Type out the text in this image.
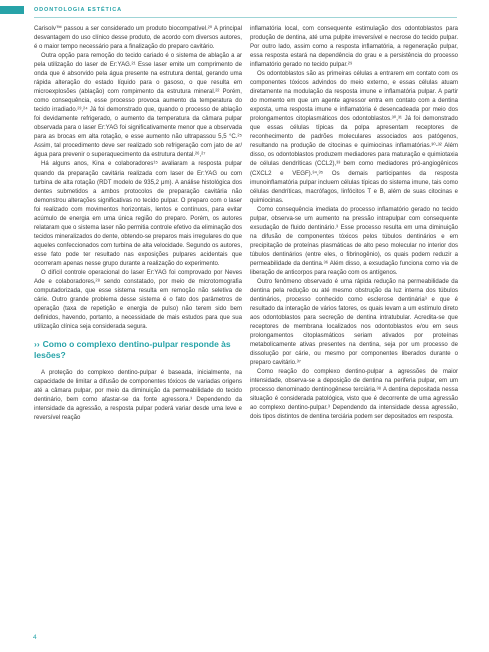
ODONTOLOGIA ESTÉTICA

Carisolv™ passou a ser considerado um produto biocompatível.²⁰ A principal desvantagem do uso clínico desse produto, de acordo com diversos autores, é o maior tempo necessário para a finalização do preparo cavitário.

Outra opção para remoção do tecido cariado é o sistema de ablação a ar pela utilização do laser de Er:YAG.²¹ Esse laser emite um comprimento de onda que é absorvido pela água presente na estrutura dental, gerando uma rápida alteração do estado líquido para o gasoso, o que resulta em microexplosões (ablação) com rompimento da estrutura mineral.²² Porém, como consequência, esse processo provoca aumento da temperatura do tecido irradiado.²³,²⁴ Já foi demonstrado que, quando o processo de ablação foi devidamente refrigerado, o aumento da temperatura da câmara pulpar observada para o laser Er:YAG foi significativamente menor que a observada para as brocas em alta rotação, e esse aumento não ultrapassou 5,5 °C.²⁵ Assim, tal procedimento deve ser realizado sob refrigeração com jato de ar/água para prevenir o superaquecimento da estrutura dental.²⁶,²⁷

Há alguns anos, Kina e colaboradores¹⁵ avaliaram a resposta pulpar quando da preparação cavitária realizada com laser de Er:YAG ou com turbina de alta rotação (RDT modelo de 935,2 μm). A análise histológica dos dentes submetidos a ambos protocolos de preparação cavitária não demonstrou alterações significativas no tecido pulpar. O preparo com o laser foi realizado com movimentos horizontais, lentos e contínuos, para evitar acúmulo de energia em uma única região do preparo. Porém, os autores relataram que o sistema laser não permitia controle efetivo da eliminação dos tecidos mineralizados do dente, obtendo-se preparos mais irregulares do que aqueles confeccionados com turbina de alta velocidade. Segundo os autores, esse fato pode ter resultado nas exposições pulpares acidentais que ocorreram apenas nesse grupo durante a realização do experimento.

O difícil controle operacional do laser Er:YAG foi comprovado por Neves Ade e colaboradores,²⁸ sendo constatado, por meio de microtomografia computadorizada, que esse sistema resulta em remoção não seletiva de cárie. Outro grande problema desse sistema é o fato dos parâmetros de operação (taxa de repetição e energia de pulso) não terem sido bem definidos, havendo, portanto, a necessidade de mais estudos para que sua utilização clínica seja considerada segura.

›› Como o complexo dentino-pulpar responde às lesões?

A proteção do complexo dentino-pulpar é baseada, inicialmente, na capacidade de limitar a difusão de componentes tóxicos de variadas origens até a câmara pulpar, por meio da diminuição da permeabilidade do tecido dentinário, bem como afastar-se da fonte agressora.³ Dependendo da intensidade da agressão, a resposta pulpar poderá variar desde uma leve e reversível reação

inflamatória local, com consequente estimulação dos odontoblastos para produção de dentina, até uma pulpite irreversível e necrose do tecido pulpar. Por outro lado, assim como a resposta inflamatória, a regeneração pulpar, essa resposta estará na dependência do grau e a persistência do processo inflamatório gerado no tecido pulpar.²⁹

Os odontoblastos são as primeiras células a entrarem em contato com os componentes tóxicos advindos do meio externo, e essas células atuam diretamente na modulação da resposta imune e inflamatória pulpar. A partir do momento em que um agente agressor entra em contato com a dentina exposta, uma resposta imune e inflamatória é desencadeada por meio dos prolongamentos citoplasmáticos dos odontoblastos.³⁰,³¹ Já foi demonstrado que essas células típicas da polpa apresentam receptores de reconhecimento de padrões moleculares associados aos patógenos, resultando na produção de citocinas e quimiocinas inflamatórias.³⁰-³² Além disso, os odontoblastos produzem mediadores para maturação e quimiotaxia de células dendríticas (CCL2),³³ bem como mediadores pró-angiogênicos (CXCL2 e VEGF).³⁴,³⁵ Os demais participantes da resposta imunoinflamatória pulpar incluem células típicas do sistema imune, tais como células dendríticas, macrófagos, linfócitos T e B, além de suas citocinas e quimiocinas.

Como consequência imediata do processo inflamatório gerado no tecido pulpar, observa-se um aumento na pressão intrapulpar com consequente exsudação de fluido dentinário.³ Esse processo resulta em uma diminuição na difusão de componentes tóxicos pelos túbulos dentinários e em precipitação de proteínas plasmáticas de alto peso molecular no interior dos túbulos dentinários (entre eles, o fibrinogênio), os quais podem reduzir a permeabilidade da dentina.³⁶ Além disso, a exsudação funciona como via de liberação de anticorpos para reação com os antígenos.

Outro fenômeno observado é uma rápida redução na permeabilidade da dentina pela redução ou até mesmo obstrução da luz interna dos túbulos dentinários, processo conhecido como esclerose dentinária³ e que é resultado da interação de vários fatores, os quais levam a um estímulo direto aos odontoblastos para secreção de dentina intratubular. Acredita-se que receptores de membrana localizados nos odontoblastos e/ou em seus prolongamentos citoplasmáticos seriam ativados por proteínas metabolicamente ativas presentes na dentina, seja por um processo de dissolução por cárie, ou mesmo por componentes liberados durante o preparo cavitário.³⁷

Como reação do complexo dentino-pulpar a agressões de maior intensidade, observa-se a deposição de dentina na periferia pulpar, em um processo denominado dentinogênese terciária.³⁸ A dentina depositada nessa situação é considerada patológica, visto que é decorrente de uma agressão ao complexo dentino-pulpar.³ Dependendo da intensidade dessa agressão, dois tipos distintos de dentina terciária podem ser depositados em resposta.

4
